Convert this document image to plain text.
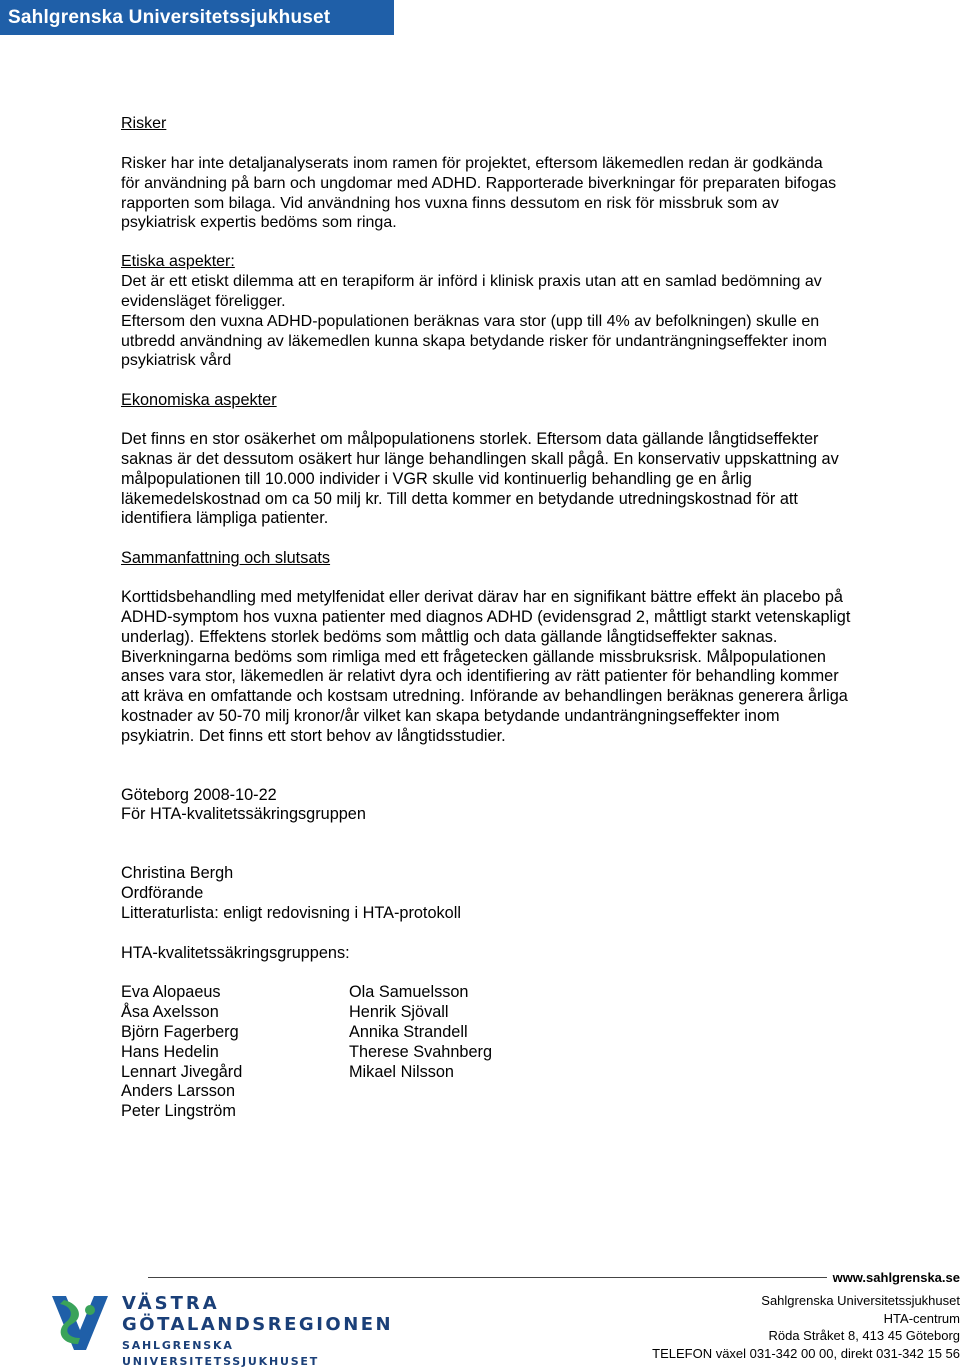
Sahlgrenska Universitetssjukhuset

Risker

Risker har inte detaljanalyserats inom ramen för projektet, eftersom läkemedlen redan är godkända

för användning på barn och ungdomar med ADHD. Rapporterade biverkningar för preparaten bifogas

rapporten som bilaga. Vid användning hos vuxna finns dessutom en risk för missbruk som av

psykiatrisk expertis bedöms som ringa.

Etiska aspekter:

Det är ett etiskt dilemma att en terapiform är införd i klinisk praxis utan att en samlad bedömning av

evidensläget föreligger.

Eftersom den vuxna ADHD-populationen beräknas vara stor (upp till 4% av befolkningen) skulle en

utbredd användning av läkemedlen kunna skapa betydande risker för undanträngningseffekter inom

psykiatrisk vård

Ekonomiska aspekter

Det finns en stor osäkerhet om målpopulationens storlek. Eftersom data gällande långtidseffekter

saknas är det dessutom osäkert hur länge behandlingen skall pågå. En konservativ uppskattning av

målpopulationen till 10.000 individer i VGR skulle vid kontinuerlig behandling ge en årlig

läkemedelskostnad om ca 50 milj kr. Till detta kommer en betydande utredningskostnad för att

identifiera lämpliga patienter.

Sammanfattning och slutsats

Korttidsbehandling med metylfenidat eller derivat därav har en signifikant bättre effekt än placebo på

ADHD-symptom hos vuxna patienter med diagnos ADHD (evidensgrad 2, måttligt starkt vetenskapligt

underlag). Effektens storlek bedöms som måttlig och data gällande långtidseffekter saknas.

Biverkningarna bedöms som rimliga med ett frågetecken gällande missbruksrisk. Målpopulationen

anses vara stor, läkemedlen är relativt dyra och identifiering av rätt patienter för behandling kommer

att kräva en omfattande och kostsam utredning. Införande av behandlingen beräknas generera årliga

kostnader av 50-70 milj kronor/år vilket kan skapa betydande undanträngningseffekter inom

psykiatrin. Det finns ett stort behov av långtidsstudier.

Göteborg 2008-10-22

För HTA-kvalitetssäkringsgruppen

Christina Bergh

Ordförande

Litteraturlista: enligt redovisning i HTA-protokoll

HTA-kvalitetssäkringsgruppens:

Eva Alopaeus
Åsa Axelsson
Björn Fagerberg
Hans Hedelin
Lennart Jivegård
Anders Larsson
Peter Lingström
Ola Samuelsson
Henrik Sjövall
Annika Strandell
Therese Svahnberg
Mikael Nilsson
www.sahlgrenska.se
Sahlgrenska Universitetssjukhuset
HTA-centrum
Röda Stråket 8, 413 45 Göteborg
TELEFON växel 031-342 00 00, direkt 031-342 15 56
VÄSTRA
GÖTALANDSREGIONEN
SAHLGRENSKA UNIVERSITETSSJUKHUSET
